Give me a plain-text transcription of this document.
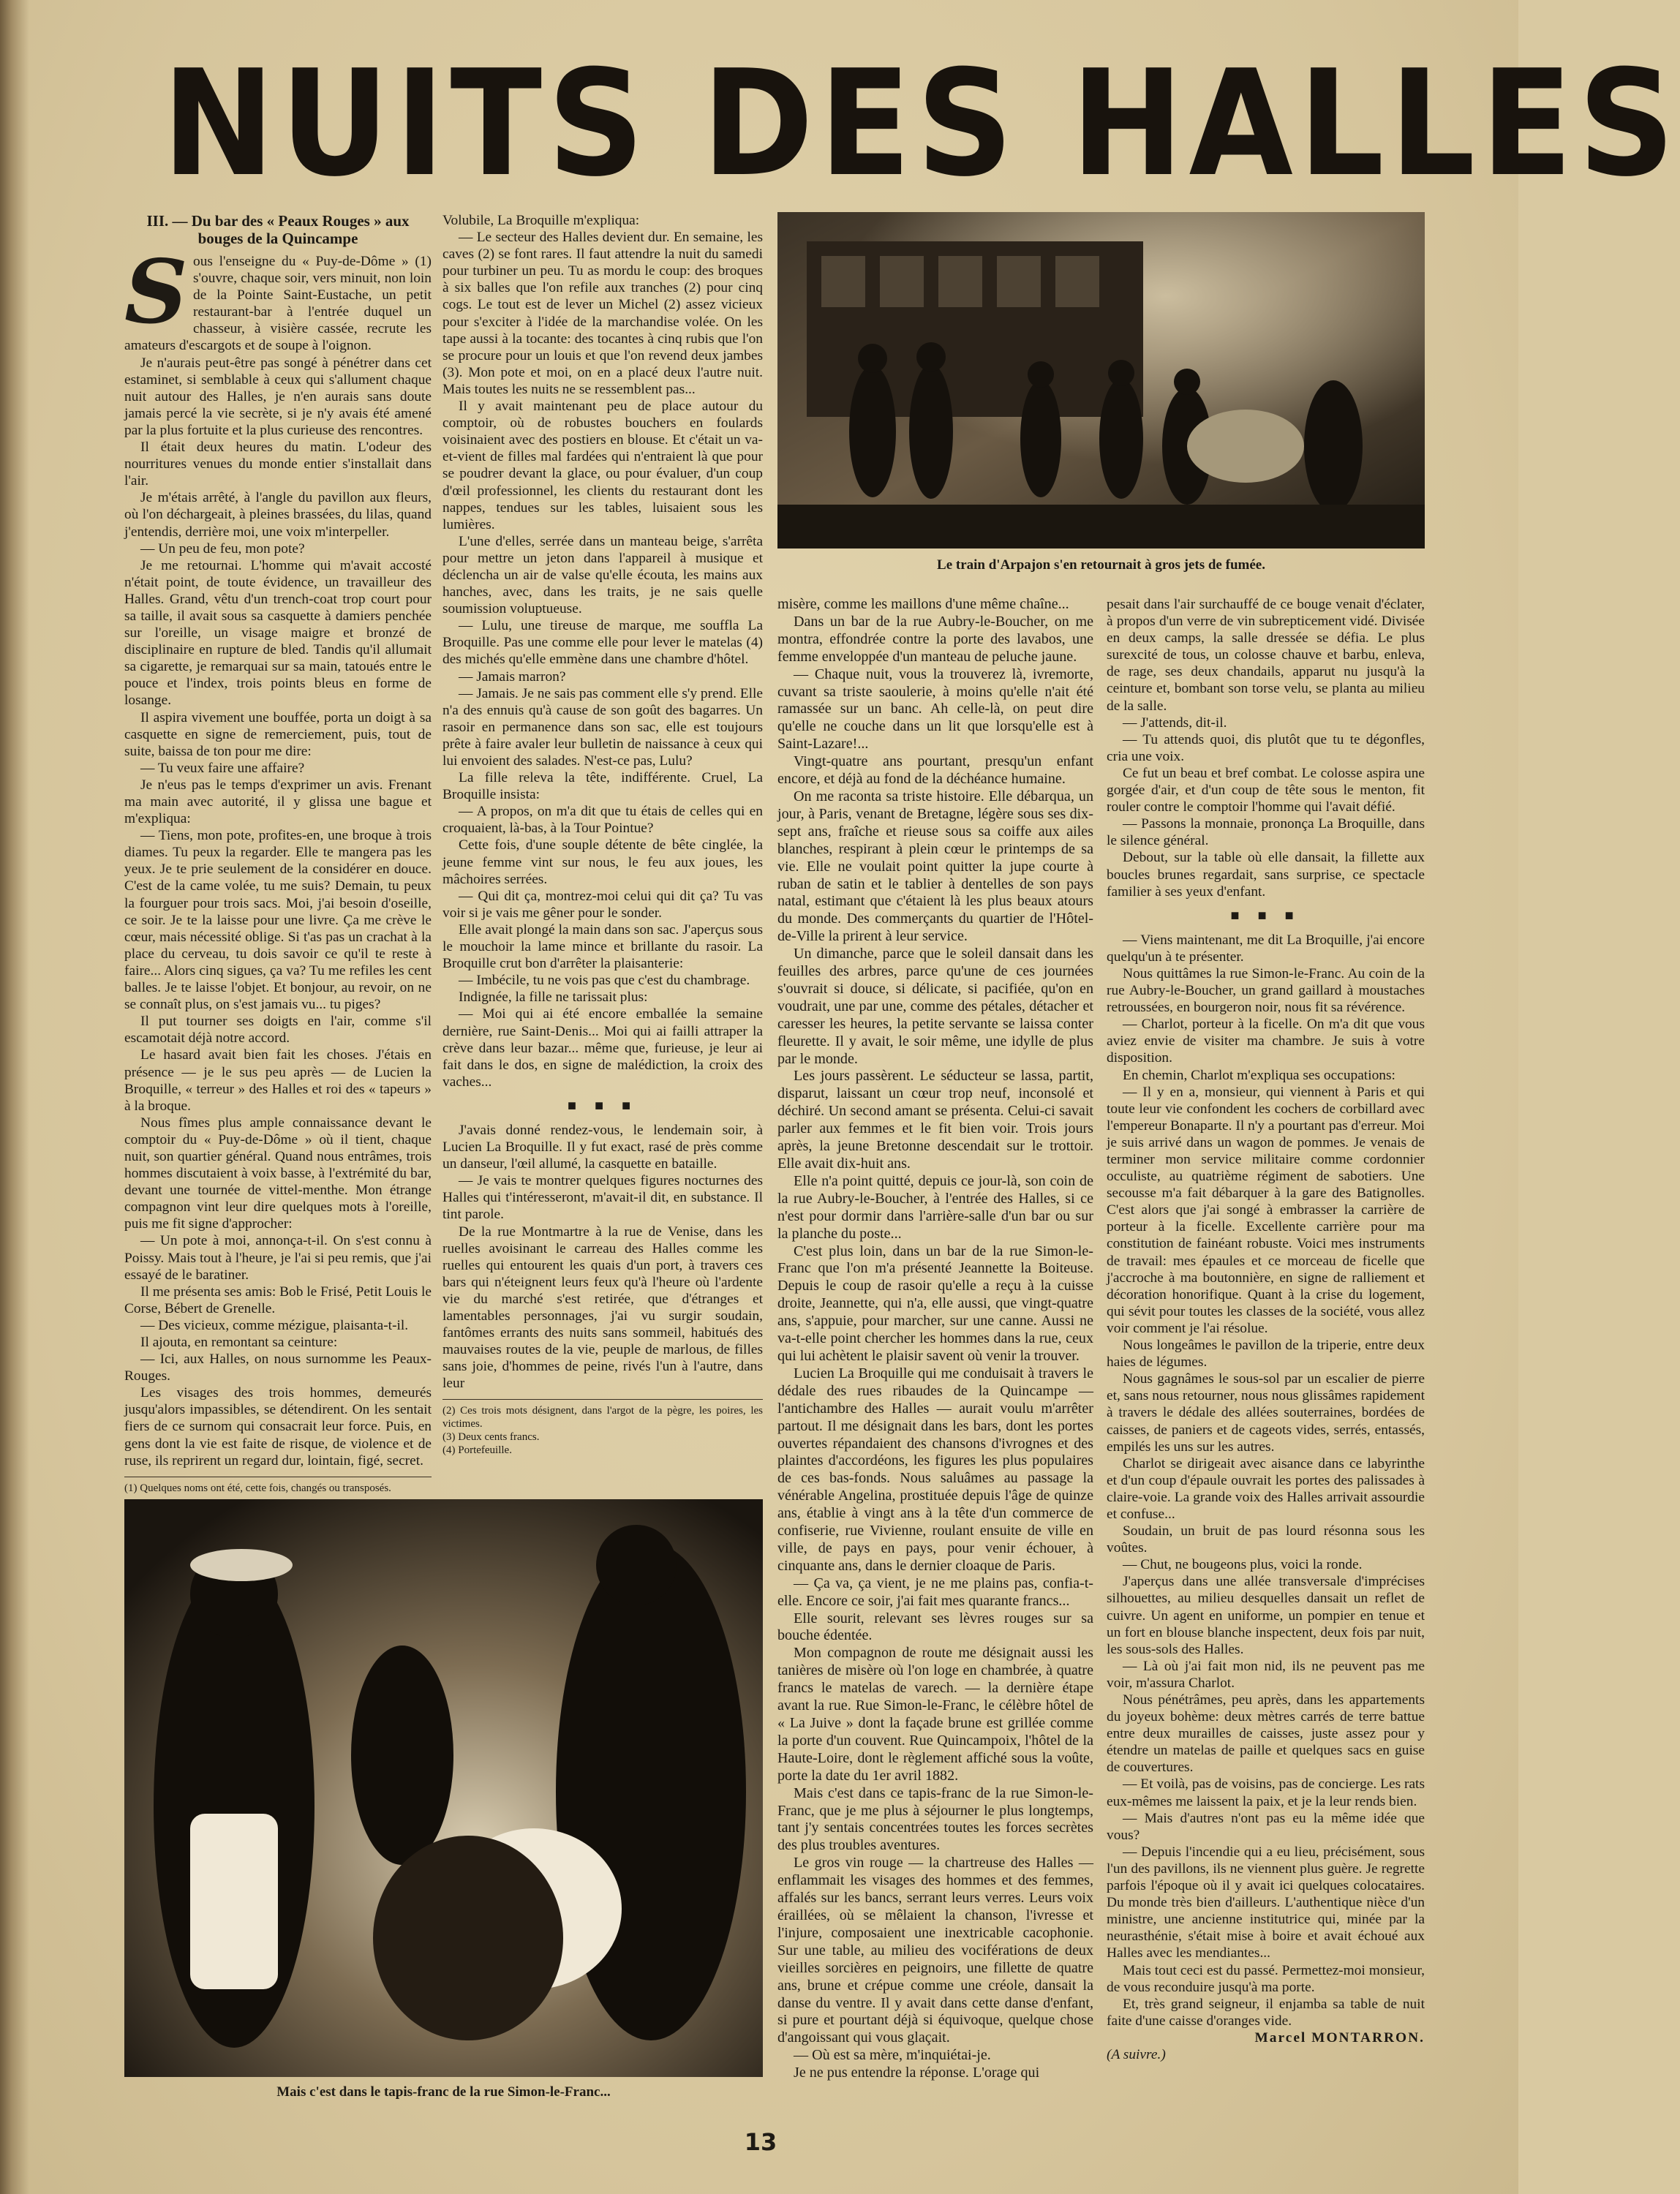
NUITS DES HALLES
III. — Du bar des « Peaux Rouges » aux bouges de la Quincampe
S ous l'enseigne du « Puy-de-Dôme » (1) s'ouvre, chaque soir, vers minuit, non loin de la Pointe Saint-Eustache, un petit restaurant-bar à l'entrée duquel un chasseur, à visière cassée, recrute les amateurs d'escargots et de soupe à l'oignon.

Je n'aurais peut-être pas songé à pénétrer dans cet estaminet, si semblable à ceux qui s'allument chaque nuit autour des Halles, je n'en aurais sans doute jamais percé la vie secrète, si je n'y avais été amené par la plus fortuite et la plus curieuse des rencontres.

Il était deux heures du matin. L'odeur des nourritures venues du monde entier s'installait dans l'air.

Je m'étais arrêté, à l'angle du pavillon aux fleurs, où l'on déchargeait, à pleines brassées, du lilas, quand j'entendis, derrière moi, une voix m'interpeller.

— Un peu de feu, mon pote?

Je me retournai. L'homme qui m'avait accosté n'était point, de toute évidence, un travailleur des Halles. Grand, vêtu d'un trench-coat trop court pour sa taille, il avait sous sa casquette à damiers penchée sur l'oreille, un visage maigre et bronzé de disciplinaire en rupture de bled. Tandis qu'il allumait sa cigarette, je remarquai sur sa main, tatoués entre le pouce et l'index, trois points bleus en forme de losange.

Il aspira vivement une bouffée, porta un doigt à sa casquette en signe de remerciement, puis, tout de suite, baissa de ton pour me dire:

— Tu veux faire une affaire?

Je n'eus pas le temps d'exprimer un avis. Frenant ma main avec autorité, il y glissa une bague et m'expliqua:

— Tiens, mon pote, profites-en, une broque à trois diames. Tu peux la regarder. Elle te mangera pas les yeux. Je te prie seulement de la considérer en douce. C'est de la came volée, tu me suis? Demain, tu peux la fourguer pour trois sacs. Moi, j'ai besoin d'oseille, ce soir. Je te la laisse pour une livre. Ça me crève le cœur, mais nécessité oblige. Si t'as pas un crachat à la place du cerveau, tu dois savoir ce qu'il te reste à faire... Alors cinq sigues, ça va? Tu me refiles les cent balles. Je te laisse l'objet. Et bonjour, au revoir, on ne se connaît plus, on s'est jamais vu... tu piges?

Il put tourner ses doigts en l'air, comme s'il escamotait déjà notre accord.

Le hasard avait bien fait les choses. J'étais en présence — je le sus peu après — de Lucien la Broquille, « terreur » des Halles et roi des « tapeurs » à la broque.

Nous fîmes plus ample connaissance devant le comptoir du « Puy-de-Dôme » où il tient, chaque nuit, son quartier général. Quand nous entrâmes, trois hommes discutaient à voix basse, à l'extrémité du bar, devant une tournée de vittel-menthe. Mon étrange compagnon vint leur dire quelques mots à l'oreille, puis me fit signe d'approcher:

— Un pote à moi, annonça-t-il. On s'est connu à Poissy. Mais tout à l'heure, je l'ai si peu remis, que j'ai essayé de le baratiner.

Il me présenta ses amis: Bob le Frisé, Petit Louis le Corse, Bébert de Grenelle.

— Des vicieux, comme mézigue, plaisanta-t-il.

Il ajouta, en remontant sa ceinture:

— Ici, aux Halles, on nous surnomme les Peaux-Rouges.

Les visages des trois hommes, demeurés jusqu'alors impassibles, se détendirent. On les sentait fiers de ce surnom qui consacrait leur force. Puis, en gens dont la vie est faite de risque, de violence et de ruse, ils reprirent un regard dur, lointain, figé, secret.

(1) Quelques noms ont été, cette fois, changés ou transposés.

Volubile, La Broquille m'expliqua:

— Le secteur des Halles devient dur. En semaine, les caves (2) se font rares. Il faut attendre la nuit du samedi pour turbiner un peu. Tu as mordu le coup: des broques à six balles que l'on refile aux tranches (2) pour cinq cogs. Le tout est de lever un Michel (2) assez vicieux pour s'exciter à l'idée de la marchandise volée. On les tape aussi à la tocante: des tocantes à cinq rubis que l'on se procure pour un louis et que l'on revend deux jambes (3). Mon pote et moi, on en a placé deux l'autre nuit. Mais toutes les nuits ne se ressemblent pas...

Il y avait maintenant peu de place autour du comptoir, où de robustes bouchers en foulards voisinaient avec des postiers en blouse. Et c'était un va-et-vient de filles mal fardées qui n'entraient là que pour se poudrer devant la glace, ou pour évaluer, d'un coup d'œil professionnel, les clients du restaurant dont les nappes, tendues sur les tables, luisaient sous les lumières.

L'une d'elles, serrée dans un manteau beige, s'arrêta pour mettre un jeton dans l'appareil à musique et déclencha un air de valse qu'elle écouta, les mains aux hanches, avec, dans les traits, je ne sais quelle soumission voluptueuse.

— Lulu, une tireuse de marque, me souffla La Broquille. Pas une comme elle pour lever le matelas (4) des michés qu'elle emmène dans une chambre d'hôtel.

— Jamais marron?

— Jamais. Je ne sais pas comment elle s'y prend. Elle n'a des ennuis qu'à cause de son goût des bagarres. Un rasoir en permanence dans son sac, elle est toujours prête à faire avaler leur bulletin de naissance à ceux qui lui envoient des salades. N'est-ce pas, Lulu?

La fille releva la tête, indifférente. Cruel, La Broquille insista:

— A propos, on m'a dit que tu étais de celles qui en croquaient, là-bas, à la Tour Pointue?

Cette fois, d'une souple détente de bête cinglée, la jeune femme vint sur nous, le feu aux joues, les mâchoires serrées.

— Qui dit ça, montrez-moi celui qui dit ça? Tu vas voir si je vais me gêner pour le sonder.

Elle avait plongé la main dans son sac. J'aperçus sous le mouchoir la lame mince et brillante du rasoir. La Broquille crut bon d'arrêter la plaisanterie:

— Imbécile, tu ne vois pas que c'est du chambrage.

Indignée, la fille ne tarissait plus:

— Moi qui ai été encore emballée la semaine dernière, rue Saint-Denis... Moi qui ai failli attraper la crève dans leur bazar... même que, furieuse, je leur ai fait dans le dos, en signe de malédiction, la croix des vaches...

■ ■ ■

J'avais donné rendez-vous, le lendemain soir, à Lucien La Broquille. Il y fut exact, rasé de près comme un danseur, l'œil allumé, la casquette en bataille.

— Je vais te montrer quelques figures nocturnes des Halles qui t'intéresseront, m'avait-il dit, en substance. Il tint parole.

De la rue Montmartre à la rue de Venise, dans les ruelles avoisinant le carreau des Halles comme les ruelles qui entourent les quais d'un port, à travers ces bars qui n'éteignent leurs feux qu'à l'heure où l'ardente vie du marché s'est retirée, que d'étranges et lamentables personnages, j'ai vu surgir soudain, fantômes errants des nuits sans sommeil, habitués des mauvaises routes de la vie, peuple de marlous, de filles sans joie, d'hommes de peine, rivés l'un à l'autre, dans leur

(2) Ces trois mots désignent, dans l'argot de la pègre, les poires, les victimes.

(3) Deux cents francs.

(4) Portefeuille.

Le train d'Arpajon s'en retournait à gros jets de fumée.

misère, comme les maillons d'une même chaîne...

Dans un bar de la rue Aubry-le-Boucher, on me montra, effondrée contre la porte des lavabos, une femme enveloppée d'un manteau de peluche jaune.

— Chaque nuit, vous la trouverez là, ivremorte, cuvant sa triste saoulerie, à moins qu'elle n'ait été ramassée sur un banc. Ah celle-là, on peut dire qu'elle ne couche dans un lit que lorsqu'elle est à Saint-Lazare!...

Vingt-quatre ans pourtant, presqu'un enfant encore, et déjà au fond de la déchéance humaine.

On me raconta sa triste histoire. Elle débarqua, un jour, à Paris, venant de Bretagne, légère sous ses dix-sept ans, fraîche et rieuse sous sa coiffe aux ailes blanches, respirant à plein cœur le printemps de sa vie. Elle ne voulait point quitter la jupe courte à ruban de satin et le tablier à dentelles de son pays natal, estimant que c'étaient là les plus beaux atours du monde. Des commerçants du quartier de l'Hôtel-de-Ville la prirent à leur service.

Un dimanche, parce que le soleil dansait dans les feuilles des arbres, parce qu'une de ces journées s'ouvrait si douce, si délicate, si pacifiée, qu'on en voudrait, une par une, comme des pétales, détacher et caresser les heures, la petite servante se laissa conter fleurette. Il y avait, le soir même, une idylle de plus par le monde.

Les jours passèrent. Le séducteur se lassa, partit, disparut, laissant un cœur trop neuf, inconsolé et déchiré. Un second amant se présenta. Celui-ci savait parler aux femmes et le fit bien voir. Trois jours après, la jeune Bretonne descendait sur le trottoir. Elle avait dix-huit ans.

Elle n'a point quitté, depuis ce jour-là, son coin de la rue Aubry-le-Boucher, à l'entrée des Halles, si ce n'est pour dormir dans l'arrière-salle d'un bar ou sur la planche du poste...

C'est plus loin, dans un bar de la rue Simon-le-Franc que l'on m'a présenté Jeannette la Boiteuse. Depuis le coup de rasoir qu'elle a reçu à la cuisse droite, Jeannette, qui n'a, elle aussi, que vingt-quatre ans, s'appuie, pour marcher, sur une canne. Aussi ne va-t-elle point chercher les hommes dans la rue, ceux qui lui achètent le plaisir savent où venir la trouver.

Lucien La Broquille qui me conduisait à travers le dédale des rues ribaudes de la Quincampe — l'antichambre des Halles — aurait voulu m'arrêter partout. Il me désignait dans les bars, dont les portes ouvertes répandaient des chansons d'ivrognes et des plaintes d'accordéons, les figures les plus populaires de ces bas-fonds. Nous saluâmes au passage la vénérable Angelina, prostituée depuis l'âge de quinze ans, établie à vingt ans à la tête d'un commerce de confiserie, rue Vivienne, roulant ensuite de ville en ville, de pays en pays, pour venir échouer, à cinquante ans, dans le dernier cloaque de Paris.

— Ça va, ça vient, je ne me plains pas, confia-t-elle. Encore ce soir, j'ai fait mes quarante francs...

Elle sourit, relevant ses lèvres rouges sur sa bouche édentée.

Mon compagnon de route me désignait aussi les tanières de misère où l'on loge en chambrée, à quatre francs le matelas de varech. — la dernière étape avant la rue. Rue Simon-le-Franc, le célèbre hôtel de « La Juive » dont la façade brune est grillée comme la porte d'un couvent. Rue Quincampoix, l'hôtel de la Haute-Loire, dont le règlement affiché sous la voûte, porte la date du 1er avril 1882.

Mais c'est dans ce tapis-franc de la rue Simon-le-Franc, que je me plus à séjourner le plus longtemps, tant j'y sentais concentrées toutes les forces secrètes des plus troubles aventures.

Le gros vin rouge — la chartreuse des Halles — enflammait les visages des hommes et des femmes, affalés sur les bancs, serrant leurs verres. Leurs voix éraillées, où se mêlaient la chanson, l'ivresse et l'injure, composaient une inextricable cacophonie. Sur une table, au milieu des vociférations de deux vieilles sorcières en peignoirs, une fillette de quatre ans, brune et crépue comme une créole, dansait la danse du ventre. Il y avait dans cette danse d'enfant, si pure et pourtant déjà si équivoque, quelque chose d'angoissant qui vous glaçait.

— Où est sa mère, m'inquiétai-je.

Je ne pus entendre la réponse. L'orage qui

pesait dans l'air surchauffé de ce bouge venait d'éclater, à propos d'un verre de vin subrepticement vidé. Divisée en deux camps, la salle dressée se défia. Le plus surexcité de tous, un colosse chauve et barbu, enleva, de rage, ses deux chandails, apparut nu jusqu'à la ceinture et, bombant son torse velu, se planta au milieu de la salle.

— J'attends, dit-il.

— Tu attends quoi, dis plutôt que tu te dégonfles, cria une voix.

Ce fut un beau et bref combat. Le colosse aspira une gorgée d'air, et d'un coup de tête sous le menton, fit rouler contre le comptoir l'homme qui l'avait défié.

— Passons la monnaie, prononça La Broquille, dans le silence général.

Debout, sur la table où elle dansait, la fillette aux boucles brunes regardait, sans surprise, ce spectacle familier à ses yeux d'enfant.

■ ■ ■

— Viens maintenant, me dit La Broquille, j'ai encore quelqu'un à te présenter.

Nous quittâmes la rue Simon-le-Franc. Au coin de la rue Aubry-le-Boucher, un grand gaillard à moustaches retroussées, en bourgeron noir, nous fit sa révérence.

— Charlot, porteur à la ficelle. On m'a dit que vous aviez envie de visiter ma chambre. Je suis à votre disposition.

En chemin, Charlot m'expliqua ses occupations:

— Il y en a, monsieur, qui viennent à Paris et qui toute leur vie confondent les cochers de corbillard avec l'empereur Bonaparte. Il n'y a pourtant pas d'erreur. Moi je suis arrivé dans un wagon de pommes. Je venais de terminer mon service militaire comme cordonnier occuliste, au quatrième régiment de sabotiers. Une secousse m'a fait débarquer à la gare des Batignolles. C'est alors que j'ai songé à embrasser la carrière de porteur à la ficelle. Excellente carrière pour ma constitution de fainéant robuste. Voici mes instruments de travail: mes épaules et ce morceau de ficelle que j'accroche à ma boutonnière, en signe de ralliement et décoration honorifique. Quant à la crise du logement, qui sévit pour toutes les classes de la société, vous allez voir comment je l'ai résolue.

Nous longeâmes le pavillon de la triperie, entre deux haies de légumes.

Nous gagnâmes le sous-sol par un escalier de pierre et, sans nous retourner, nous nous glissâmes rapidement à travers le dédale des allées souterraines, bordées de caisses, de paniers et de cageots vides, serrés, entassés, empilés les uns sur les autres.

Charlot se dirigeait avec aisance dans ce labyrinthe et d'un coup d'épaule ouvrait les portes des palissades à claire-voie. La grande voix des Halles arrivait assourdie et confuse...

Soudain, un bruit de pas lourd résonna sous les voûtes.

— Chut, ne bougeons plus, voici la ronde.

J'aperçus dans une allée transversale d'imprécises silhouettes, au milieu desquelles dansait un reflet de cuivre. Un agent en uniforme, un pompier en tenue et un fort en blouse blanche inspectent, deux fois par nuit, les sous-sols des Halles.

— Là où j'ai fait mon nid, ils ne peuvent pas me voir, m'assura Charlot.

Nous pénétrâmes, peu après, dans les appartements du joyeux bohème: deux mètres carrés de terre battue entre deux murailles de caisses, juste assez pour y étendre un matelas de paille et quelques sacs en guise de couvertures.

— Et voilà, pas de voisins, pas de concierge. Les rats eux-mêmes me laissent la paix, et je la leur rends bien.

— Mais d'autres n'ont pas eu la même idée que vous?

— Depuis l'incendie qui a eu lieu, précisément, sous l'un des pavillons, ils ne viennent plus guère. Je regrette parfois l'époque où il y avait ici quelques colocataires. Du monde très bien d'ailleurs. L'authentique nièce d'un ministre, une ancienne institutrice qui, minée par la neurasthénie, s'était mise à boire et avait échoué aux Halles avec les mendiantes...

Mais tout ceci est du passé. Permettez-moi monsieur, de vous reconduire jusqu'à ma porte.

Et, très grand seigneur, il enjamba sa table de nuit faite d'une caisse d'oranges vide.

Marcel MONTARRON.

(A suivre.)

Mais c'est dans le tapis-franc de la rue Simon-le-Franc...
13
